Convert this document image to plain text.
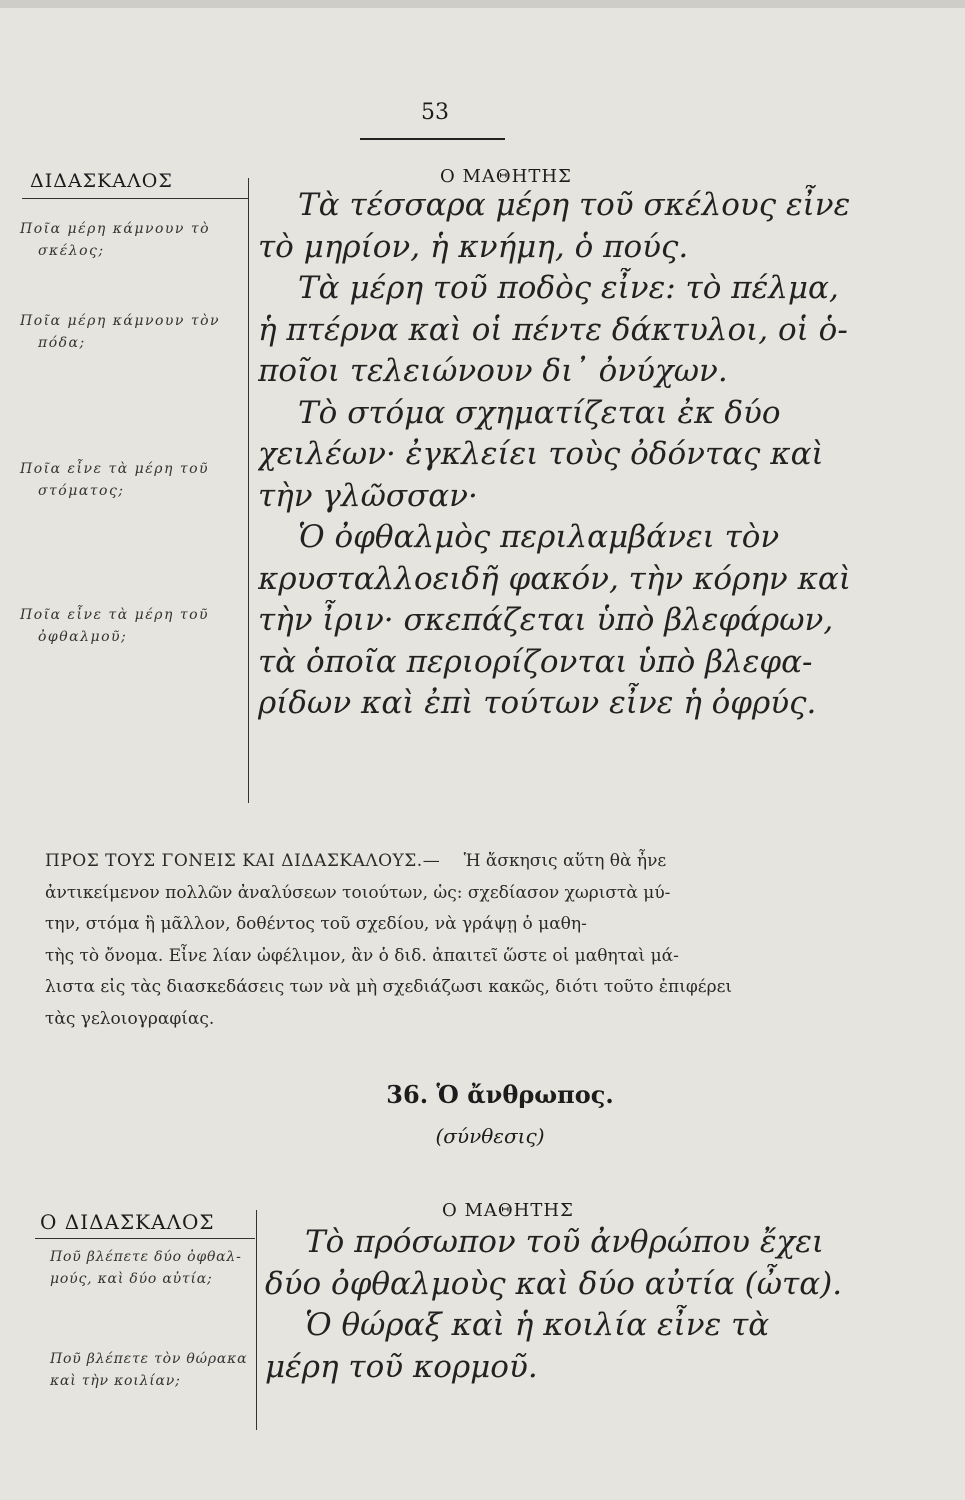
53
ΔΙΔΑΣΚΑΛΟΣ	Ο ΜΑΘΗΤΗΣ
Ποῖα μέρη κάμνουν τὸ
σκέλος;
Ποῖα μέρη κάμνουν τὸν
πόδα;
Ποῖα εἶνε τὰ μέρη τοῦ
στόματος;
Ποῖα εἶνε τὰ μέρη τοῦ
ὀφθαλμοῦ;
Τὰ τέσσαρα μέρη τοῦ σκέλους εἶνε
τὸ μηρίον, ἡ κνήμη, ὁ πούς.
Τὰ μέρη τοῦ ποδὸς εἶνε: τὸ πέλμα,
ἡ πτέρνα καὶ οἱ πέντε δάκτυλοι, οἱ ὁ-
ποῖοι τελειώνουν δι᾽ ὀνύχων.
Τὸ στόμα σχηματίζεται ἐκ δύο
χειλέων· ἐγκλείει τοὺς ὀδόντας καὶ
τὴν γλῶσσαν·
Ὁ ὀφθαλμὸς περιλαμβάνει τὸν
κρυσταλλοειδῆ φακόν, τὴν κόρην καὶ
τὴν ἶριν· σκεπάζεται ὑπὸ βλεφάρων,
τὰ ὁποῖα περιορίζονται ὑπὸ βλεφα-
ρίδων καὶ ἐπὶ τούτων εἶνε ἡ ὀφρύς.
ΠΡΟΣ ΤΟΥΣ ΓΟΝΕΙΣ ΚΑΙ ΔΙΔΑΣΚΑΛΟΥΣ.— Ἡ ἄσκησις αὕτη θὰ ἦνε
ἀντικείμενον πολλῶν ἀναλύσεων τοιούτων, ὡς: σχεδίασον χωριστὰ μύ-
την, στόμα ἢ μᾶλλον, δοθέντος τοῦ σχεδίου, νὰ γράψῃ ὁ μαθη-
τὴς τὸ ὄνομα. Εἶνε λίαν ὠφέλιμον, ἂν ὁ διδ. ἀπαιτεῖ ὥστε οἱ μαθηταὶ μά-
λιστα εἰς τὰς διασκεδάσεις των νὰ μὴ σχεδιάζωσι κακῶς, διότι τοῦτο ἐπιφέρει
τὰς γελοιογραφίας.
36. Ὁ ἄνθρωπος.
(σύνθεσις)
Ο ΔΙΔΑΣΚΑΛΟΣ	Ο ΜΑΘΗΤΗΣ
Ποῦ βλέπετε δύο ὀφθαλ-
μούς, καὶ δύο αὐτία;
Ποῦ βλέπετε τὸν θώρακα
καὶ τὴν κοιλίαν;
Τὸ πρόσωπον τοῦ ἀνθρώπου ἔχει
δύο ὀφθαλμοὺς καὶ δύο αὐτία (ὦτα).
Ὁ θώραξ καὶ ἡ κοιλία εἶνε τὰ
μέρη τοῦ κορμοῦ.
